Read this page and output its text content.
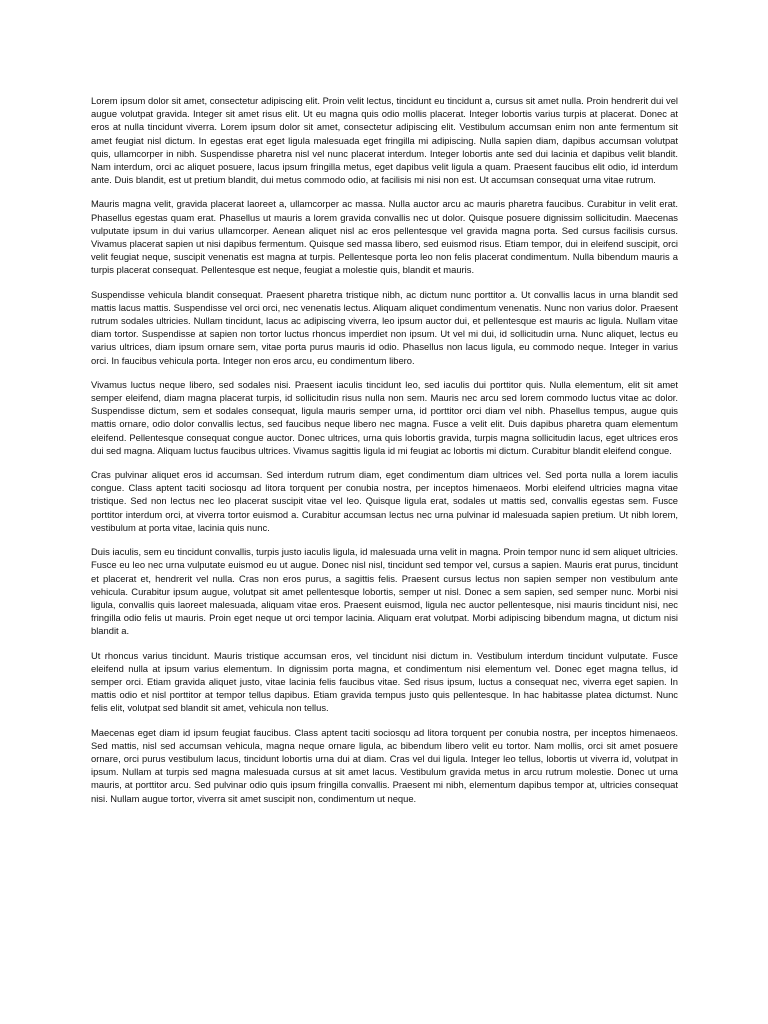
Lorem ipsum dolor sit amet, consectetur adipiscing elit. Proin velit lectus, tincidunt eu tincidunt a, cursus sit amet nulla. Proin hendrerit dui vel augue volutpat gravida. Integer sit amet risus elit. Ut eu magna quis odio mollis placerat. Integer lobortis varius turpis at placerat. Donec at eros at nulla tincidunt viverra. Lorem ipsum dolor sit amet, consectetur adipiscing elit. Vestibulum accumsan enim non ante fermentum sit amet feugiat nisl dictum. In egestas erat eget ligula malesuada eget fringilla mi adipiscing. Nulla sapien diam, dapibus accumsan volutpat quis, ullamcorper in nibh. Suspendisse pharetra nisl vel nunc placerat interdum. Integer lobortis ante sed dui lacinia et dapibus velit blandit. Nam interdum, orci ac aliquet posuere, lacus ipsum fringilla metus, eget dapibus velit ligula a quam. Praesent faucibus elit odio, id interdum ante. Duis blandit, est ut pretium blandit, dui metus commodo odio, at facilisis mi nisi non est. Ut accumsan consequat urna vitae rutrum.

Mauris magna velit, gravida placerat laoreet a, ullamcorper ac massa. Nulla auctor arcu ac mauris pharetra faucibus. Curabitur in velit erat. Phasellus egestas quam erat. Phasellus ut mauris a lorem gravida convallis nec ut dolor. Quisque posuere dignissim sollicitudin. Maecenas vulputate ipsum in dui varius ullamcorper. Aenean aliquet nisl ac eros pellentesque vel gravida magna porta. Sed cursus facilisis cursus. Vivamus placerat sapien ut nisi dapibus fermentum. Quisque sed massa libero, sed euismod risus. Etiam tempor, dui in eleifend suscipit, orci velit feugiat neque, suscipit venenatis est magna at turpis. Pellentesque porta leo non felis placerat condimentum. Nulla bibendum mauris a turpis placerat consequat. Pellentesque est neque, feugiat a molestie quis, blandit et mauris.

Suspendisse vehicula blandit consequat. Praesent pharetra tristique nibh, ac dictum nunc porttitor a. Ut convallis lacus in urna blandit sed mattis lacus mattis. Suspendisse vel orci orci, nec venenatis lectus. Aliquam aliquet condimentum venenatis. Nunc non varius dolor. Praesent rutrum sodales ultricies. Nullam tincidunt, lacus ac adipiscing viverra, leo ipsum auctor dui, et pellentesque est mauris ac ligula. Nullam vitae diam tortor. Suspendisse at sapien non tortor luctus rhoncus imperdiet non ipsum. Ut vel mi dui, id sollicitudin urna. Nunc aliquet, lectus eu varius ultrices, diam ipsum ornare sem, vitae porta purus mauris id odio. Phasellus non lacus ligula, eu commodo neque. Integer in varius orci. In faucibus vehicula porta. Integer non eros arcu, eu condimentum libero.

Vivamus luctus neque libero, sed sodales nisi. Praesent iaculis tincidunt leo, sed iaculis dui porttitor quis. Nulla elementum, elit sit amet semper eleifend, diam magna placerat turpis, id sollicitudin risus nulla non sem. Mauris nec arcu sed lorem commodo luctus vitae ac dolor. Suspendisse dictum, sem et sodales consequat, ligula mauris semper urna, id porttitor orci diam vel nibh. Phasellus tempus, augue quis mattis ornare, odio dolor convallis lectus, sed faucibus neque libero nec magna. Fusce a velit elit. Duis dapibus pharetra quam elementum eleifend. Pellentesque consequat congue auctor. Donec ultrices, urna quis lobortis gravida, turpis magna sollicitudin lacus, eget ultrices eros dui sed magna. Aliquam luctus faucibus ultrices. Vivamus sagittis ligula id mi feugiat ac lobortis mi dictum. Curabitur blandit eleifend congue.

Cras pulvinar aliquet eros id accumsan. Sed interdum rutrum diam, eget condimentum diam ultrices vel. Sed porta nulla a lorem iaculis congue. Class aptent taciti sociosqu ad litora torquent per conubia nostra, per inceptos himenaeos. Morbi eleifend ultricies magna vitae tristique. Sed non lectus nec leo placerat suscipit vitae vel leo. Quisque ligula erat, sodales ut mattis sed, convallis egestas sem. Fusce porttitor interdum orci, at viverra tortor euismod a. Curabitur accumsan lectus nec urna pulvinar id malesuada sapien pretium. Ut nibh lorem, vestibulum at porta vitae, lacinia quis nunc.

Duis iaculis, sem eu tincidunt convallis, turpis justo iaculis ligula, id malesuada urna velit in magna. Proin tempor nunc id sem aliquet ultricies. Fusce eu leo nec urna vulputate euismod eu ut augue. Donec nisl nisl, tincidunt sed tempor vel, cursus a sapien. Mauris erat purus, tincidunt et placerat et, hendrerit vel nulla. Cras non eros purus, a sagittis felis. Praesent cursus lectus non sapien semper non vestibulum ante vehicula. Curabitur ipsum augue, volutpat sit amet pellentesque lobortis, semper ut nisl. Donec a sem sapien, sed semper nunc. Morbi nisi ligula, convallis quis laoreet malesuada, aliquam vitae eros. Praesent euismod, ligula nec auctor pellentesque, nisi mauris tincidunt nisi, nec fringilla odio felis ut mauris. Proin eget neque ut orci tempor lacinia. Aliquam erat volutpat. Morbi adipiscing bibendum magna, ut dictum nisi blandit a.

Ut rhoncus varius tincidunt. Mauris tristique accumsan eros, vel tincidunt nisi dictum in. Vestibulum interdum tincidunt vulputate. Fusce eleifend nulla at ipsum varius elementum. In dignissim porta magna, et condimentum nisi elementum vel. Donec eget magna tellus, id semper orci. Etiam gravida aliquet justo, vitae lacinia felis faucibus vitae. Sed risus ipsum, luctus a consequat nec, viverra eget sapien. In mattis odio et nisl porttitor at tempor tellus dapibus. Etiam gravida tempus justo quis pellentesque. In hac habitasse platea dictumst. Nunc felis elit, volutpat sed blandit sit amet, vehicula non tellus.

Maecenas eget diam id ipsum feugiat faucibus. Class aptent taciti sociosqu ad litora torquent per conubia nostra, per inceptos himenaeos. Sed mattis, nisl sed accumsan vehicula, magna neque ornare ligula, ac bibendum libero velit eu tortor. Nam mollis, orci sit amet posuere ornare, orci purus vestibulum lacus, tincidunt lobortis urna dui at diam. Cras vel dui ligula. Integer leo tellus, lobortis ut viverra id, volutpat in ipsum. Nullam at turpis sed magna malesuada cursus at sit amet lacus. Vestibulum gravida metus in arcu rutrum molestie. Donec ut urna mauris, at porttitor arcu. Sed pulvinar odio quis ipsum fringilla convallis. Praesent mi nibh, elementum dapibus tempor at, ultricies consequat nisi. Nullam augue tortor, viverra sit amet suscipit non, condimentum ut neque.
